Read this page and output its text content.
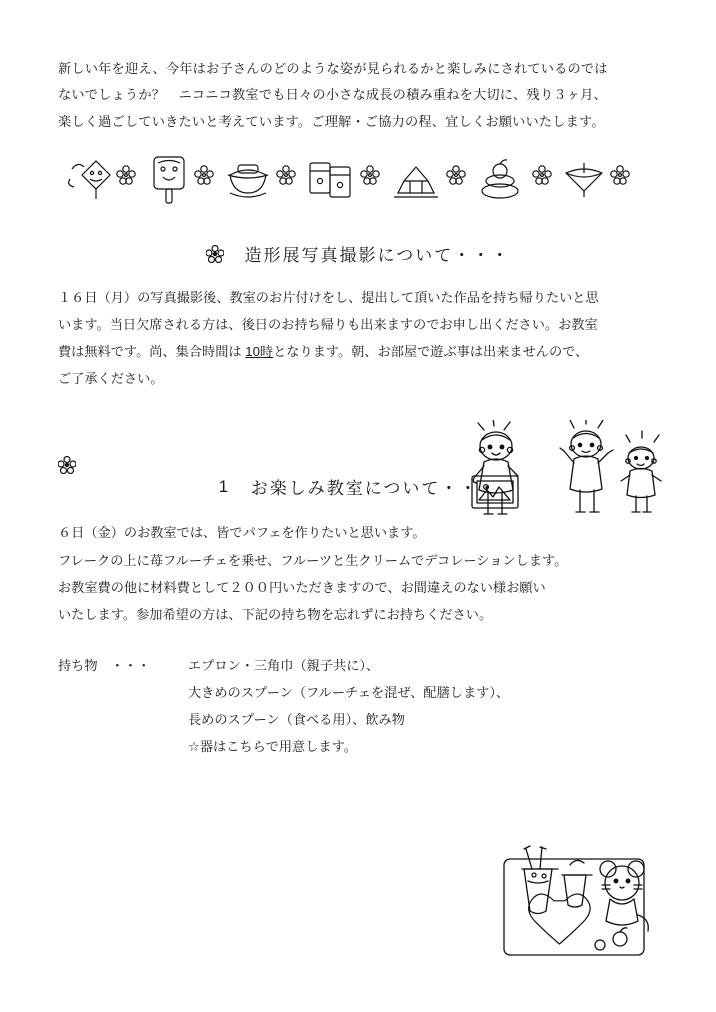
新しい年を迎え、今年はお子さんのどのような姿が見られるかと楽しみにされているのでは
ないでしょうか？　ニコニコ教室でも日々の小さな成長の積み重ねを大切に、残り３ヶ月、
楽しく過ごしていきたいと考えています。ご理解・ご協力の程、宜しくお願いいたします。
造形展写真撮影について・・・
１６日（月）の写真撮影後、教室のお片付けをし、提出して頂いた作品を持ち帰りたいと思
います。当日欠席される方は、後日のお持ち帰りも出来ますのでお申し出ください。お教室
費は無料です。尚、集合時間は 10時となります。朝、お部屋で遊ぶ事は出来ませんので、
ご了承ください。
1 お楽しみ教室について・・・
６日（金）のお教室では、皆でパフェを作りたいと思います。
フレークの上に苺フルーチェを乗せ、フルーツと生クリームでデコレーションします。
お教室費の他に材料費として２００円いただきますので、お間違えのない様お願い
いたします。参加希望の方は、下記の持ち物を忘れずにお持ちください。
持ち物　・・・	エプロン・三角巾（親子共に）、
大きめのスプーン（フルーチェを混ぜ、配膳します）、
長めのスプーン（食べる用）、飲み物
☆器はこちらで用意します。
